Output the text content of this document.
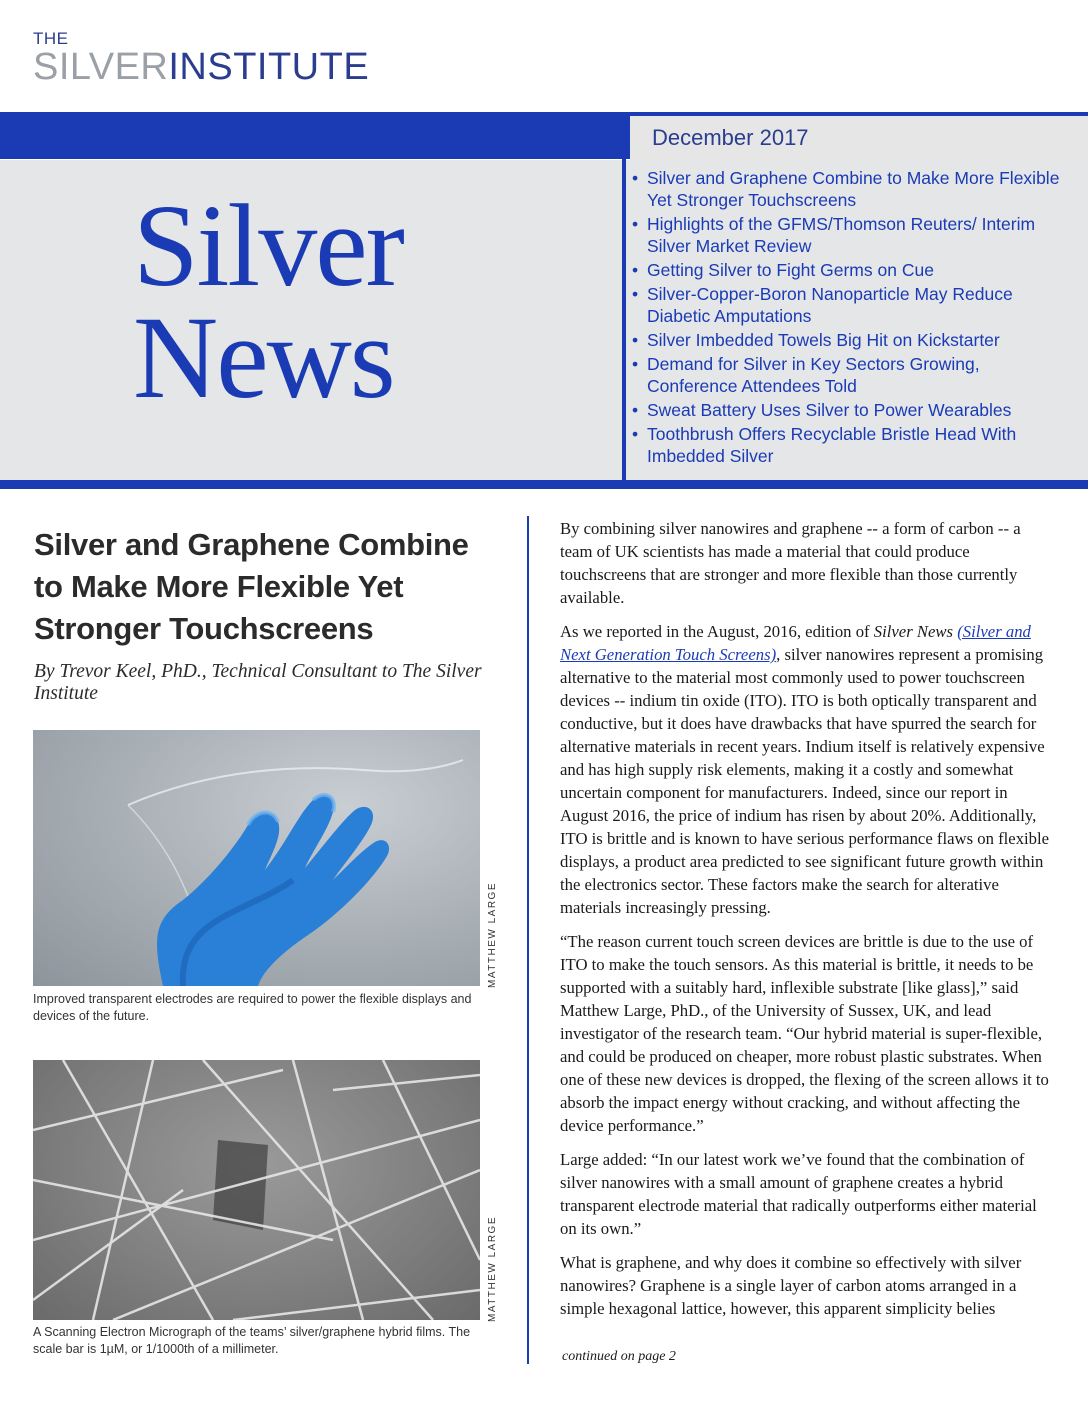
THE
SILVERINSTITUTE
December 2017
Silver
News
• Silver and Graphene Combine to Make More Flexible Yet Stronger Touchscreens
• Highlights of the GFMS/Thomson Reuters/ Interim Silver Market Review
• Getting Silver to Fight Germs on Cue
• Silver-Copper-Boron Nanoparticle May Reduce Diabetic Amputations
• Silver Imbedded Towels Big Hit on Kickstarter
• Demand for Silver in Key Sectors Growing, Conference Attendees Told
• Sweat Battery Uses Silver to Power Wearables
• Toothbrush Offers Recyclable Bristle Head With Imbedded Silver
Silver and Graphene Combine to Make More Flexible Yet Stronger Touchscreens
By Trevor Keel, PhD., Technical Consultant to The Silver Institute
MATTHEW LARGE
Improved transparent electrodes are required to power the flexible displays and devices of the future.
MATTHEW LARGE
A Scanning Electron Micrograph of the teams’ silver/graphene hybrid films. The scale bar is 1µM, or 1/1000th of a millimeter.

By combining silver nanowires and graphene -- a form of carbon -- a team of UK scientists has made a material that could produce touchscreens that are stronger and more flexible than those currently available.

As we reported in the August, 2016, edition of Silver News (Silver and Next Generation Touch Screens), silver nanowires represent a promising alternative to the material most commonly used to power touchscreen devices -- indium tin oxide (ITO). ITO is both optically transparent and conductive, but it does have drawbacks that have spurred the search for alternative materials in recent years. Indium itself is relatively expensive and has high supply risk elements, making it a costly and somewhat uncertain component for manufacturers. Indeed, since our report in August 2016, the price of indium has risen by about 20%. Additionally, ITO is brittle and is known to have serious performance flaws on flexible displays, a product area predicted to see significant future growth within the electronics sector. These factors make the search for alterative materials increasingly pressing.

“The reason current touch screen devices are brittle is due to the use of ITO to make the touch sensors. As this material is brittle, it needs to be supported with a suitably hard, inflexible substrate [like glass],” said Matthew Large, PhD., of the University of Sussex, UK, and lead investigator of the research team. “Our hybrid material is super-flexible, and could be produced on cheaper, more robust plastic substrates. When one of these new devices is dropped, the flexing of the screen allows it to absorb the impact energy without cracking, and without affecting the device performance.”

Large added: “In our latest work we’ve found that the combination of silver nanowires with a small amount of graphene creates a hybrid transparent electrode material that radically outperforms either material on its own.”

What is graphene, and why does it combine so effectively with silver nanowires? Graphene is a single layer of carbon atoms arranged in a simple hexagonal lattice, however, this apparent simplicity belies

continued on page 2
